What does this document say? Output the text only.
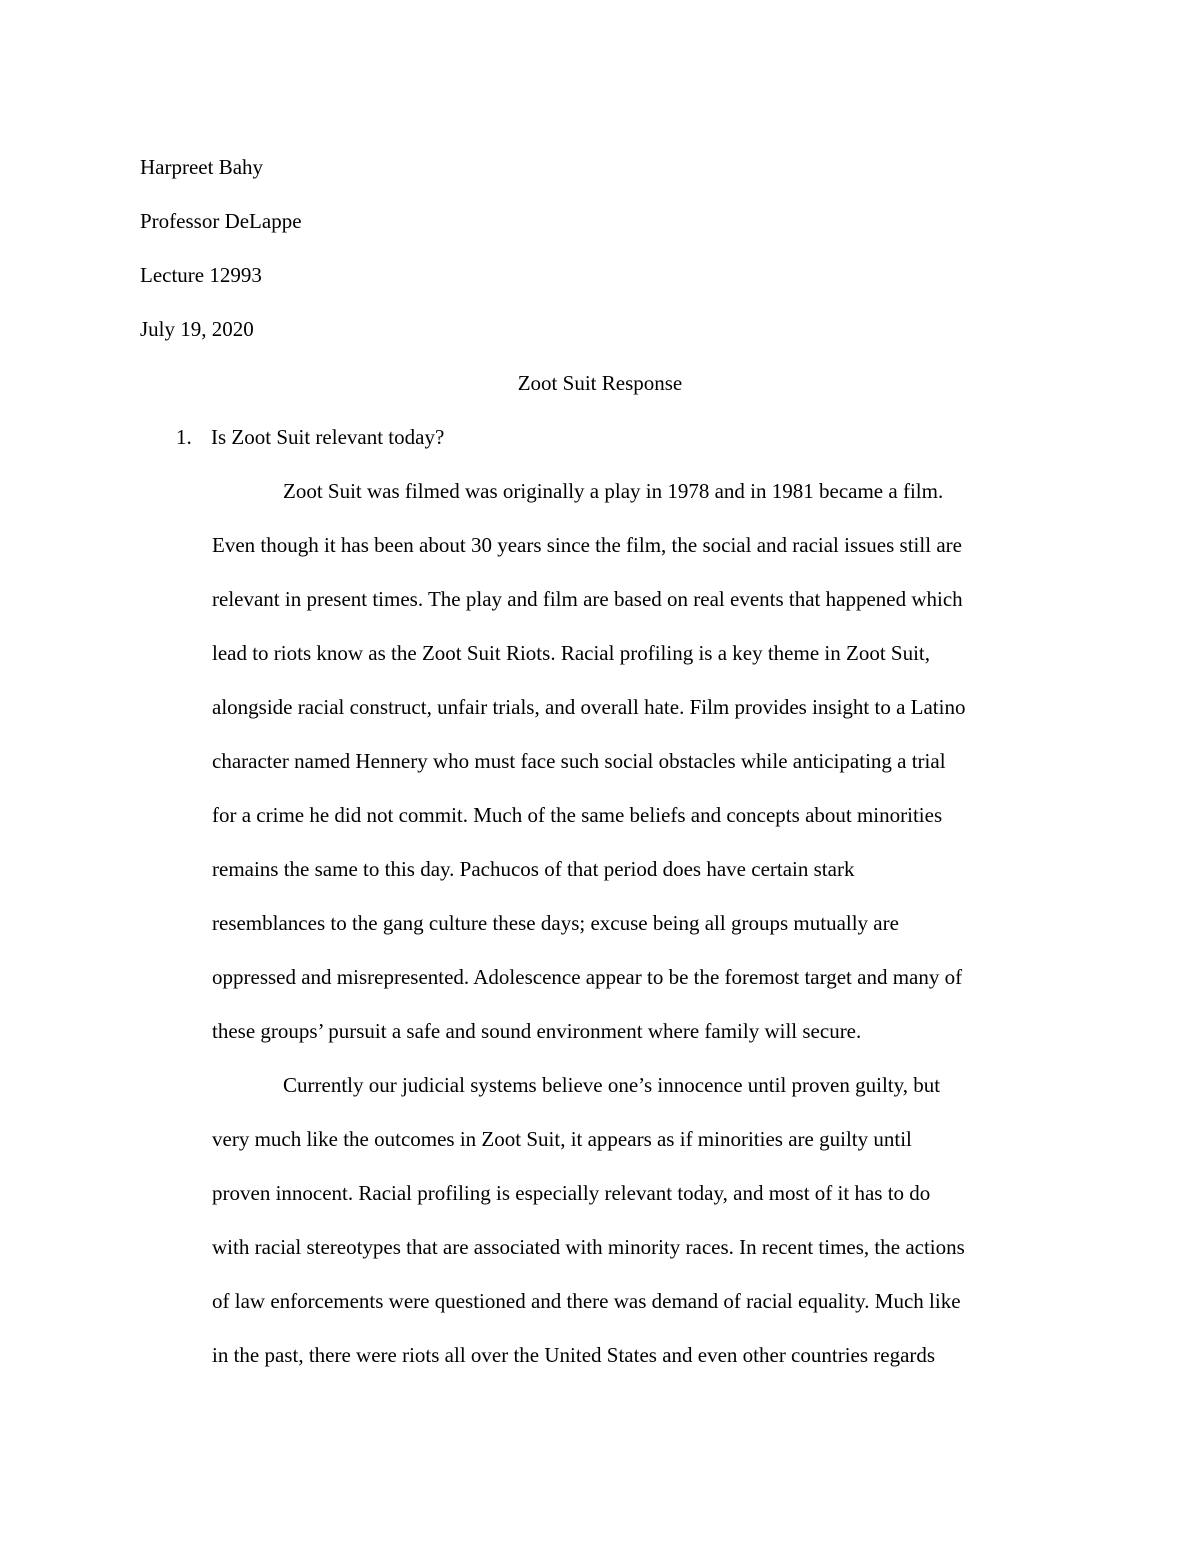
Harpreet Bahy
Professor DeLappe
Lecture 12993
July 19, 2020
Zoot Suit Response
1. Is Zoot Suit relevant today?

Zoot Suit was filmed was originally a play in 1978 and in 1981 became a film.
Even though it has been about 30 years since the film, the social and racial issues still are
relevant in present times. The play and film are based on real events that happened which
lead to riots know as the Zoot Suit Riots. Racial profiling is a key theme in Zoot Suit,
alongside racial construct, unfair trials, and overall hate. Film provides insight to a Latino
character named Hennery who must face such social obstacles while anticipating a trial
for a crime he did not commit. Much of the same beliefs and concepts about minorities
remains the same to this day. Pachucos of that period does have certain stark
resemblances to the gang culture these days; excuse being all groups mutually are
oppressed and misrepresented. Adolescence appear to be the foremost target and many of
these groups’ pursuit a safe and sound environment where family will secure.

Currently our judicial systems believe one’s innocence until proven guilty, but
very much like the outcomes in Zoot Suit, it appears as if minorities are guilty until
proven innocent. Racial profiling is especially relevant today, and most of it has to do
with racial stereotypes that are associated with minority races. In recent times, the actions
of law enforcements were questioned and there was demand of racial equality. Much like
in the past, there were riots all over the United States and even other countries regards
